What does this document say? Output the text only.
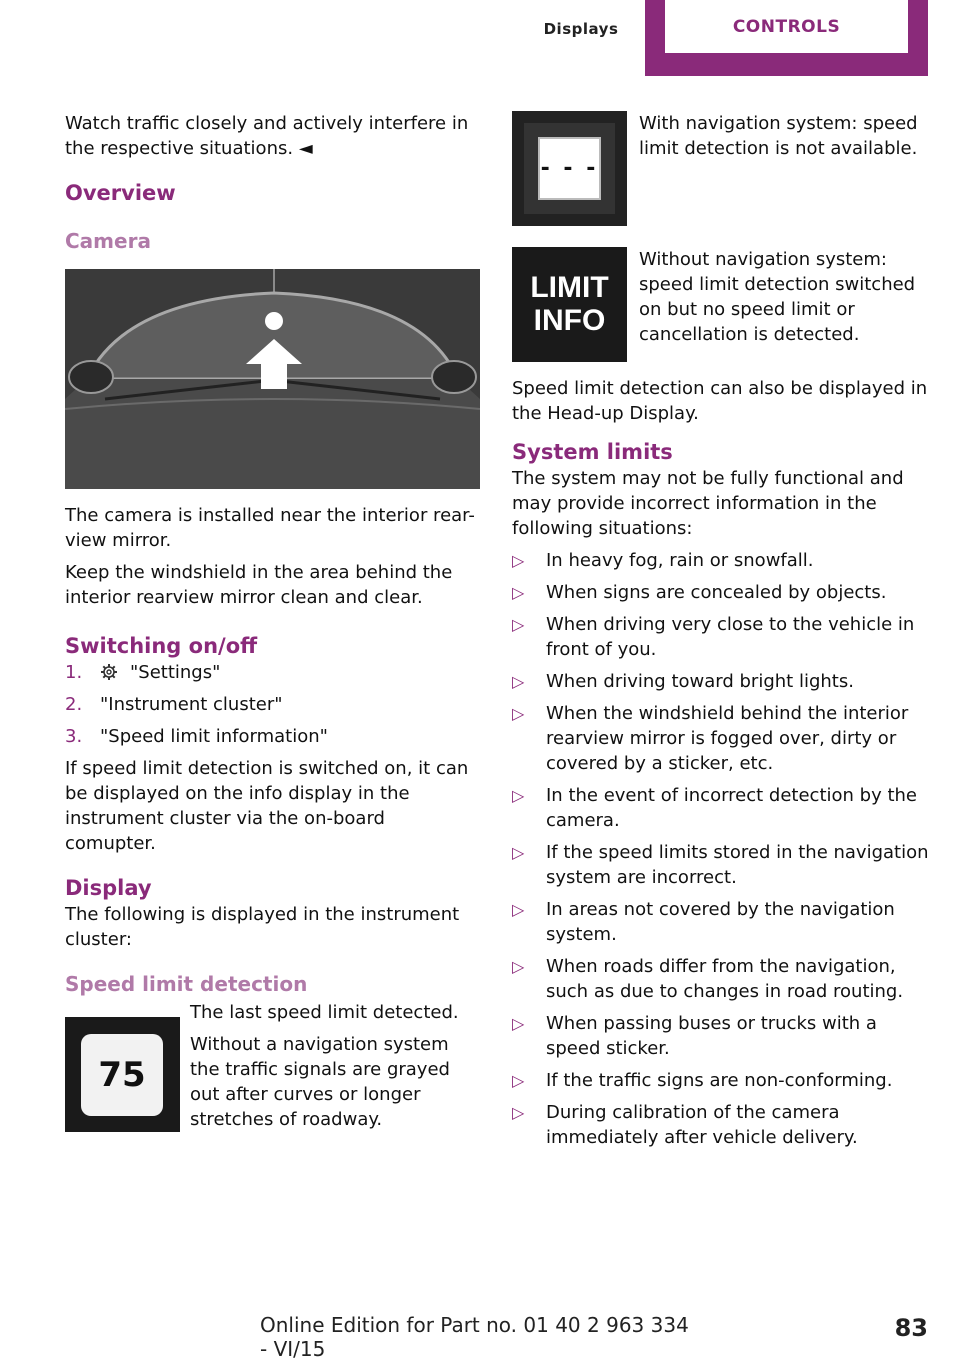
Displays	CONTROLS

Watch traffic closely and actively interfere in the respective situations. ◄

Overview
Camera

The camera is installed near the interior rear-view mirror.

Keep the windshield in the area behind the interior rearview mirror clean and clear.

Switching on/off
1.	"Settings"
2. "Instrument cluster"
3. "Speed limit information"

If speed limit detection is switched on, it can be displayed on the info display in the instrument cluster via the on-board comupter.

Display

The following is displayed in the instrument cluster:

Speed limit detection
75

The last speed limit detected.

Without a navigation system the traffic signals are grayed out after curves or longer stretches of roadway.

- - -

With navigation system: speed limit detection is not available.

LIMIT
INFO

Without navigation system: speed limit detection switched on but no speed limit or cancellation is detected.

Speed limit detection can also be displayed in the Head-up Display.

System limits

The system may not be fully functional and may provide incorrect information in the following situations:

▷	In heavy fog, rain or snowfall.
▷	When signs are concealed by objects.
▷	When driving very close to the vehicle in front of you.
▷	When driving toward bright lights.
▷	When the windshield behind the interior rearview mirror is fogged over, dirty or covered by a sticker, etc.
▷	In the event of incorrect detection by the camera.
▷	If the speed limits stored in the navigation system are incorrect.
▷	In areas not covered by the navigation system.
▷	When roads differ from the navigation, such as due to changes in road routing.
▷	When passing buses or trucks with a speed sticker.
▷	If the traffic signs are non-conforming.
▷	During calibration of the camera immediately after vehicle delivery.
Online Edition for Part no. 01 40 2 963 334 - VI/15
83
